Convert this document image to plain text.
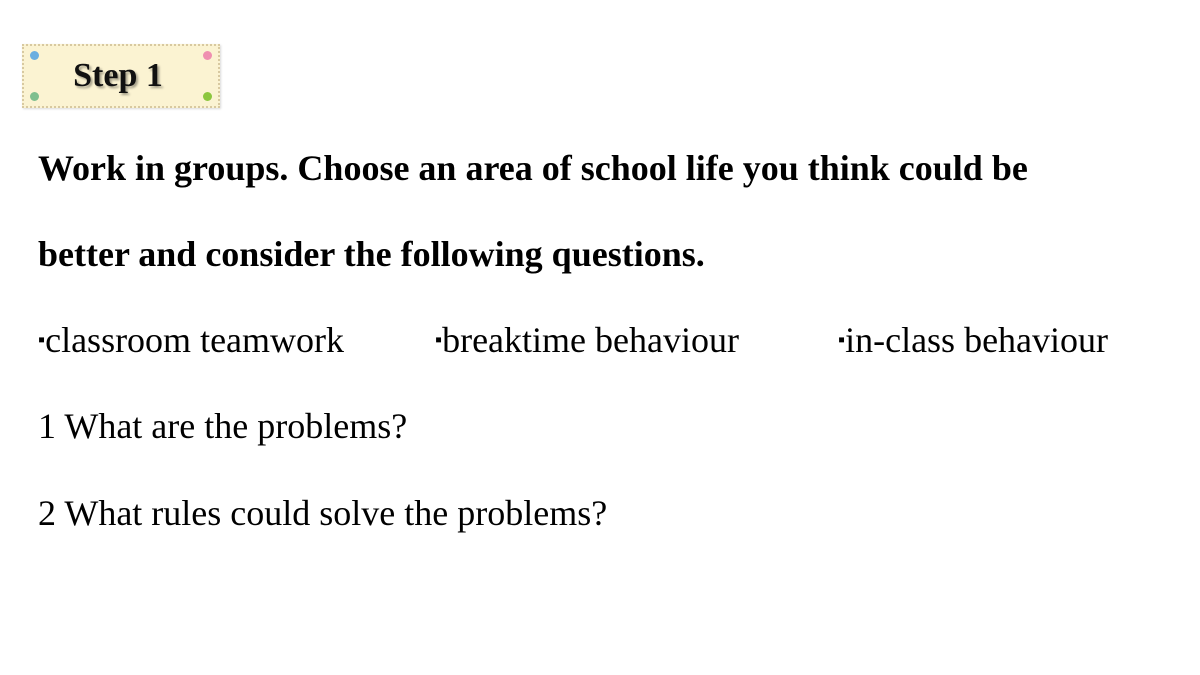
Step 1
Work in groups. Choose an area of school life you think could be
better and consider the following questions.
▪classroom teamwork	▪breaktime behaviour	▪in-class behaviour
1 What are the problems?
2 What rules could solve the problems?
